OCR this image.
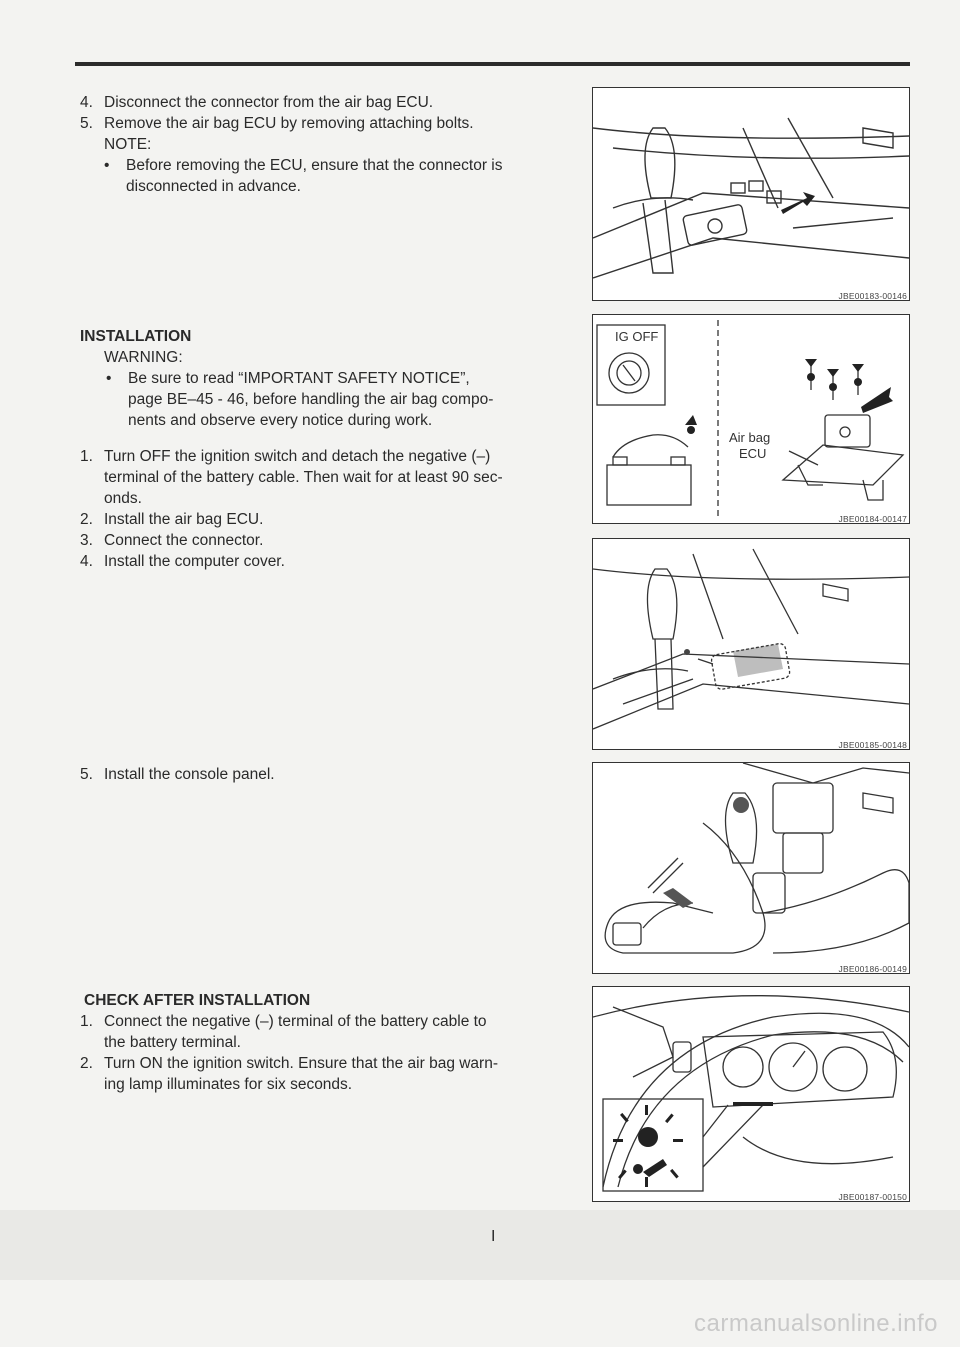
4. Disconnect the connector from the air bag ECU.
5. Remove the air bag ECU by removing attaching bolts.
NOTE:
•	Before removing the ECU, ensure that the connector is disconnected in advance.
INSTALLATION
WARNING:
•	Be sure to read “IMPORTANT SAFETY NOTICE”,
page BE–45 - 46, before handling the air bag compo-
nents and observe every notice during work.
1. Turn OFF the ignition switch and detach the negative (–)
terminal of the battery cable. Then wait for at least 90 sec-
onds.
2. Install the air bag ECU.
3. Connect the connector.
4. Install the computer cover.
5. Install the console panel.
CHECK AFTER INSTALLATION
1. Connect the negative (–) terminal of the battery cable to
the battery terminal.
2. Turn ON the ignition switch. Ensure that the air bag warn-
ing lamp illuminates for six seconds.
JBE00183-00146
IG OFF
Air bag
ECU
JBE00184-00147
JBE00185-00148
JBE00186-00149
JBE00187-00150
I
carmanualsonline.info
